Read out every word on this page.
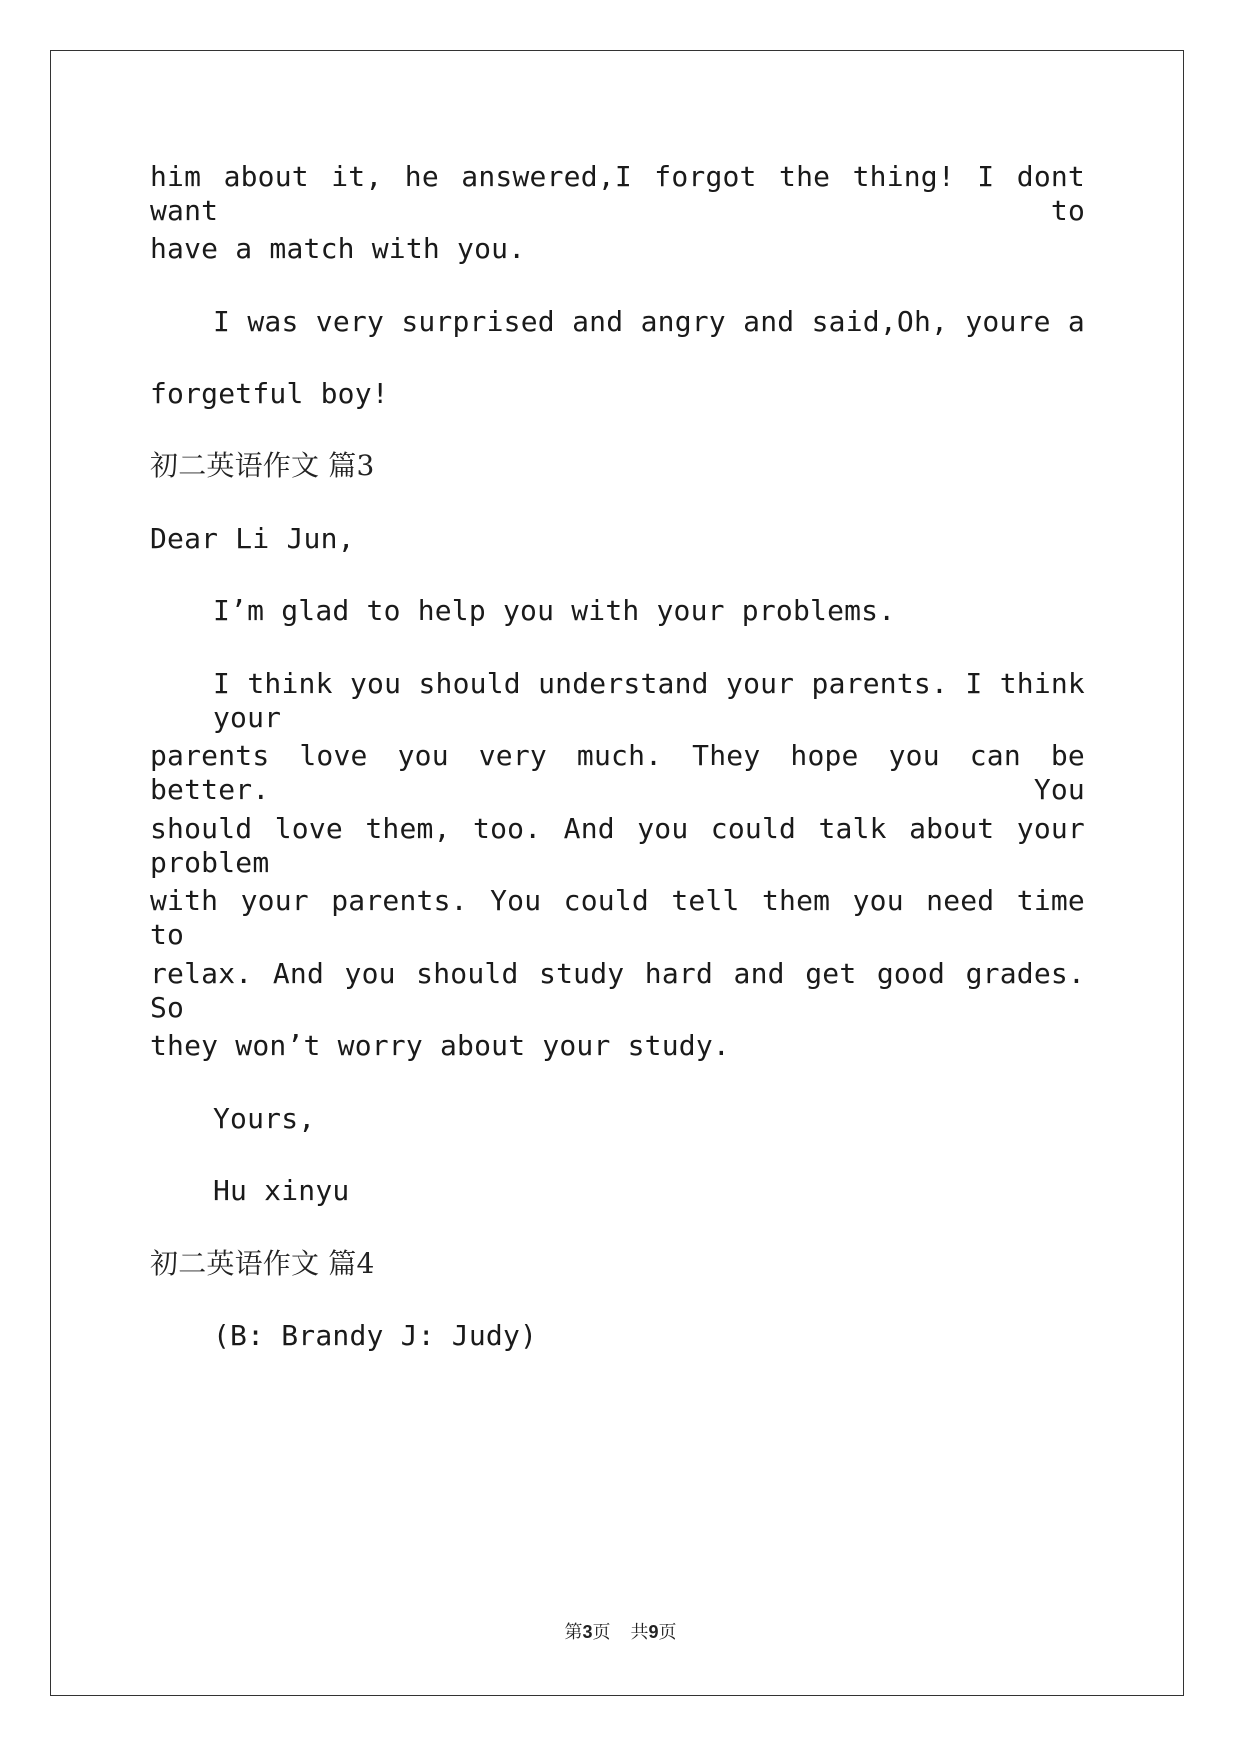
him about it, he answered,I forgot the thing! I dont want to
have a match with you.
I was very surprised and angry and said,Oh, youre a
forgetful boy!
初二英语作文 篇3
Dear Li Jun,
I’m glad to help you with your problems.
I think you should understand your parents. I think your
parents love you very much. They hope you can be better. You
should love them, too. And you could talk about your problem
with your parents. You could tell them you need time to
relax. And you should study hard and get good grades. So
they won’t worry about your study.
Yours,
Hu xinyu
初二英语作文 篇4
(B: Brandy J: Judy)
第3页 共9页
